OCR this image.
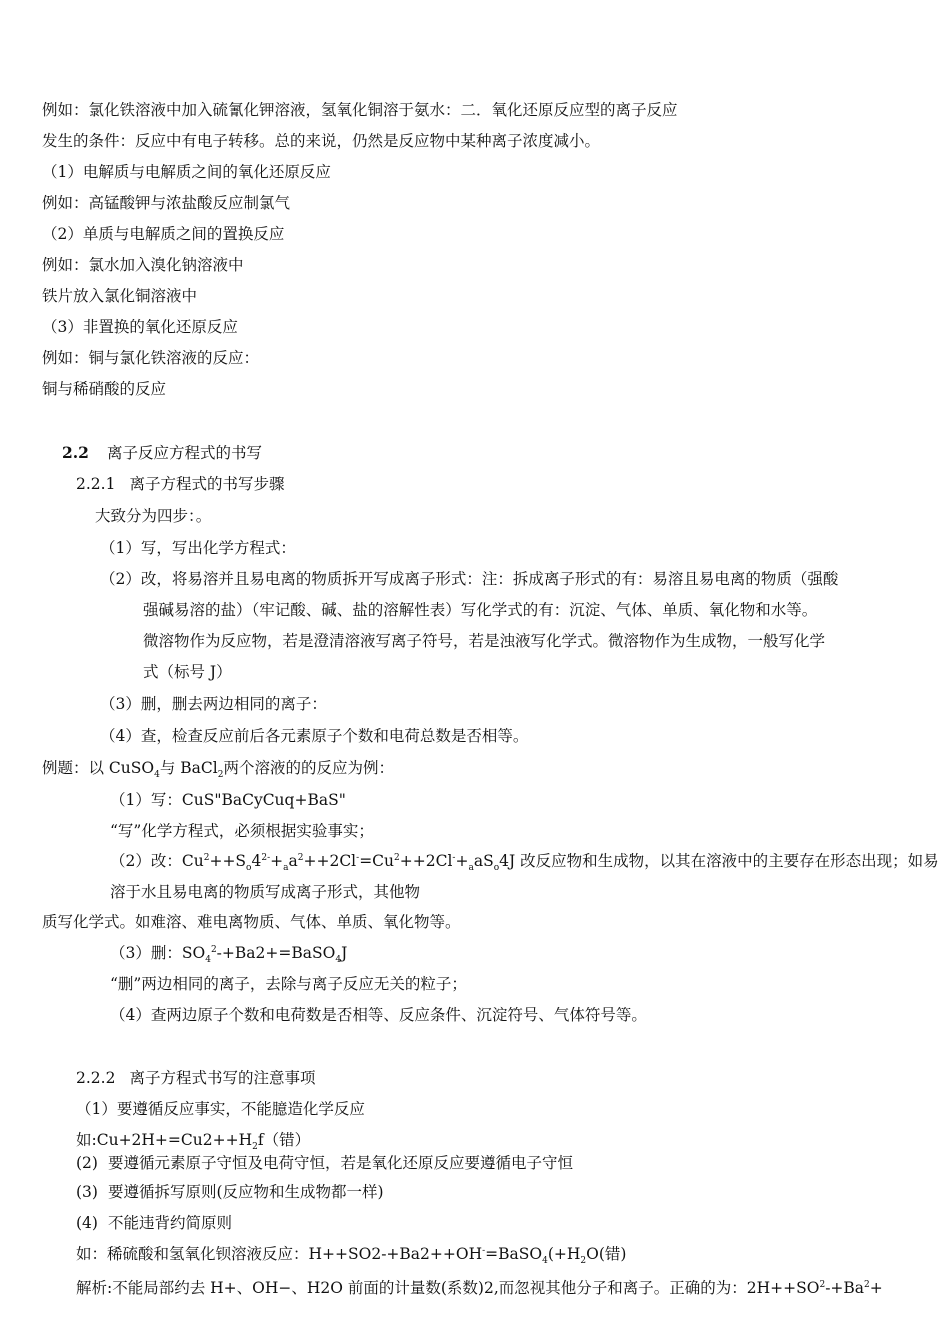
例如：氯化铁溶液中加入硫氰化钾溶液，氢氧化铜溶于氨水：二．氧化还原反应型的离子反应
发生的条件：反应中有电子转移。总的来说，仍然是反应物中某种离子浓度减小。
（1）电解质与电解质之间的氧化还原反应
例如：高锰酸钾与浓盐酸反应制氯气
（2）单质与电解质之间的置换反应
例如：氯水加入溴化钠溶液中
铁片放入氯化铜溶液中
（3）非置换的氧化还原反应
例如：铜与氯化铁溶液的反应：
铜与稀硝酸的反应
2.2 离子反应方程式的书写
2.2.1 离子方程式的书写步骤
大致分为四步：。
（1）写，写出化学方程式：
（2）改，将易溶并且易电离的物质拆开写成离子形式：注：拆成离子形式的有：易溶且易电离的物质（强酸
强碱易溶的盐）（牢记酸、碱、盐的溶解性表）写化学式的有：沉淀、气体、单质、氧化物和水等。
微溶物作为反应物，若是澄清溶液写离子符号，若是浊液写化学式。微溶物作为生成物，一般写化学
式（标号 J）
（3）删，删去两边相同的离子：
（4）查，检查反应前后各元素原子个数和电荷总数是否相等。
例题：以 CuSO$_4$与 BaCl$_2$两个溶液的的反应为例：
（1）写：CuS"BaCyCuq+BaS"
“写”化学方程式，必须根据实验事实；
（2）改：$Cu^2++S_o4^{2-}+_aa^2++2Cl^-=Cu^2++2Cl^-+_aaS_o4J$ 改反应物和生成物，以其在溶液中的主要存在形态出现；如易
溶于水且易电离的物质写成离子形式，其他物
质写化学式。如难溶、难电离物质、气体、单质、氧化物等。
（3）删：$SO_4^2-+Ba2+=BaSO_4J$
“删”两边相同的离子，去除与离子反应无关的粒子；
（4）查两边原子个数和电荷数是否相等、反应条件、沉淀符号、气体符号等。
2.2.2 离子方程式书写的注意事项
（1）要遵循反应事实，不能臆造化学反应
如$:Cu+2H+=Cu2++H_2f$（错）
(2) 要遵循元素原子守恒及电荷守恒，若是氧化还原反应要遵循电子守恒
(3) 要遵循拆写原则(反应物和生成物都一样)
(4) 不能违背约简原则
如：稀硫酸和氢氧化钡溶液反应：$H++SO2-+Ba2++OH^-=BaSO_4(+H_2O$(错)
解析:不能局部约去 H+、OH−、H2O 前面的计量数(系数)2,而忽视其他分子和离子。正确的为：$2H++SO^2-+Ba^2+$
